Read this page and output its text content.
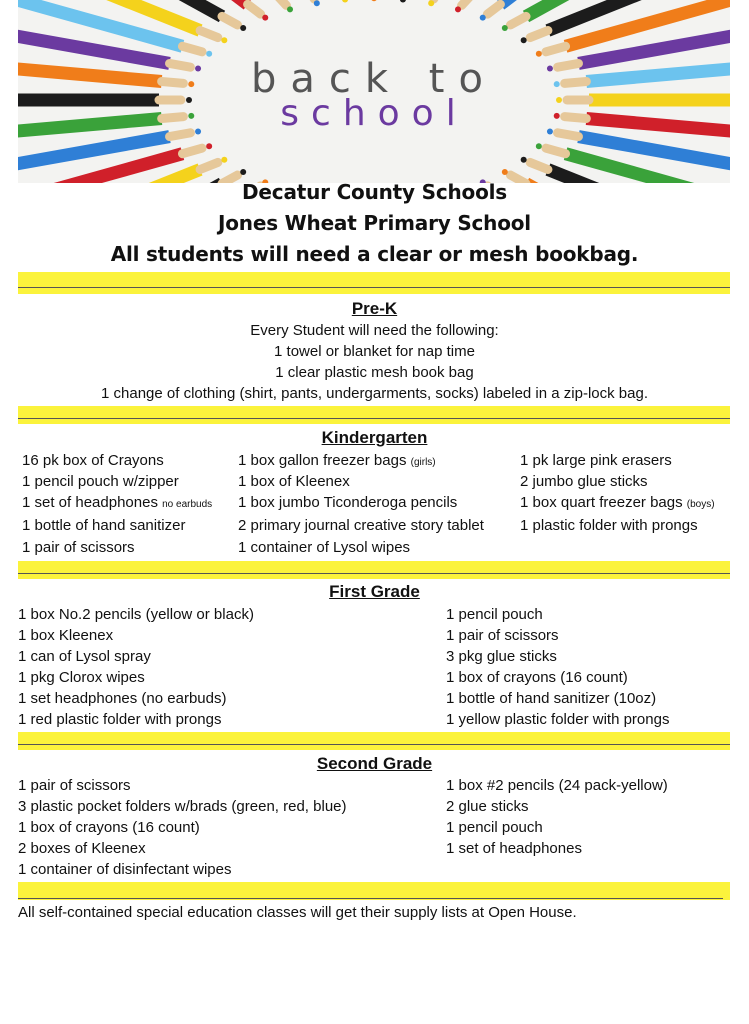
back to
school
Decatur County Schools
Jones Wheat Primary School
All students will need a clear or mesh bookbag.
Pre-K
Every Student will need the following:
1 towel or blanket for nap time
1 clear plastic mesh book bag
1 change of clothing (shirt, pants, undergarments, socks) labeled in a zip-lock bag.
Kindergarten
16 pk box of Crayons
1 pencil pouch w/zipper
1 set of headphones no earbuds
1 bottle of hand sanitizer
1 pair of scissors
1 box gallon freezer bags (girls)
1 box of Kleenex
1 box jumbo Ticonderoga pencils
2 primary journal creative story tablet
1 container of Lysol wipes
1 pk large pink erasers
2 jumbo glue sticks
1 box quart freezer bags (boys)
1 plastic folder with prongs
First Grade
1 box No.2 pencils (yellow or black)
1 box Kleenex
1 can of Lysol spray
1 pkg Clorox wipes
1 set headphones (no earbuds)
1 red plastic folder with prongs
1 pencil pouch
1 pair of scissors
3 pkg glue sticks
1 box of crayons (16 count)
1 bottle of hand sanitizer (10oz)
1 yellow plastic folder with prongs
Second Grade
1 pair of scissors
3 plastic pocket folders w/brads (green, red, blue)
1 box of crayons (16 count)
2 boxes of Kleenex
1 container of disinfectant wipes
1 box #2 pencils (24 pack-yellow)
2 glue sticks
1 pencil pouch
1 set of headphones
All self-contained special education classes will get their supply lists at Open House.
